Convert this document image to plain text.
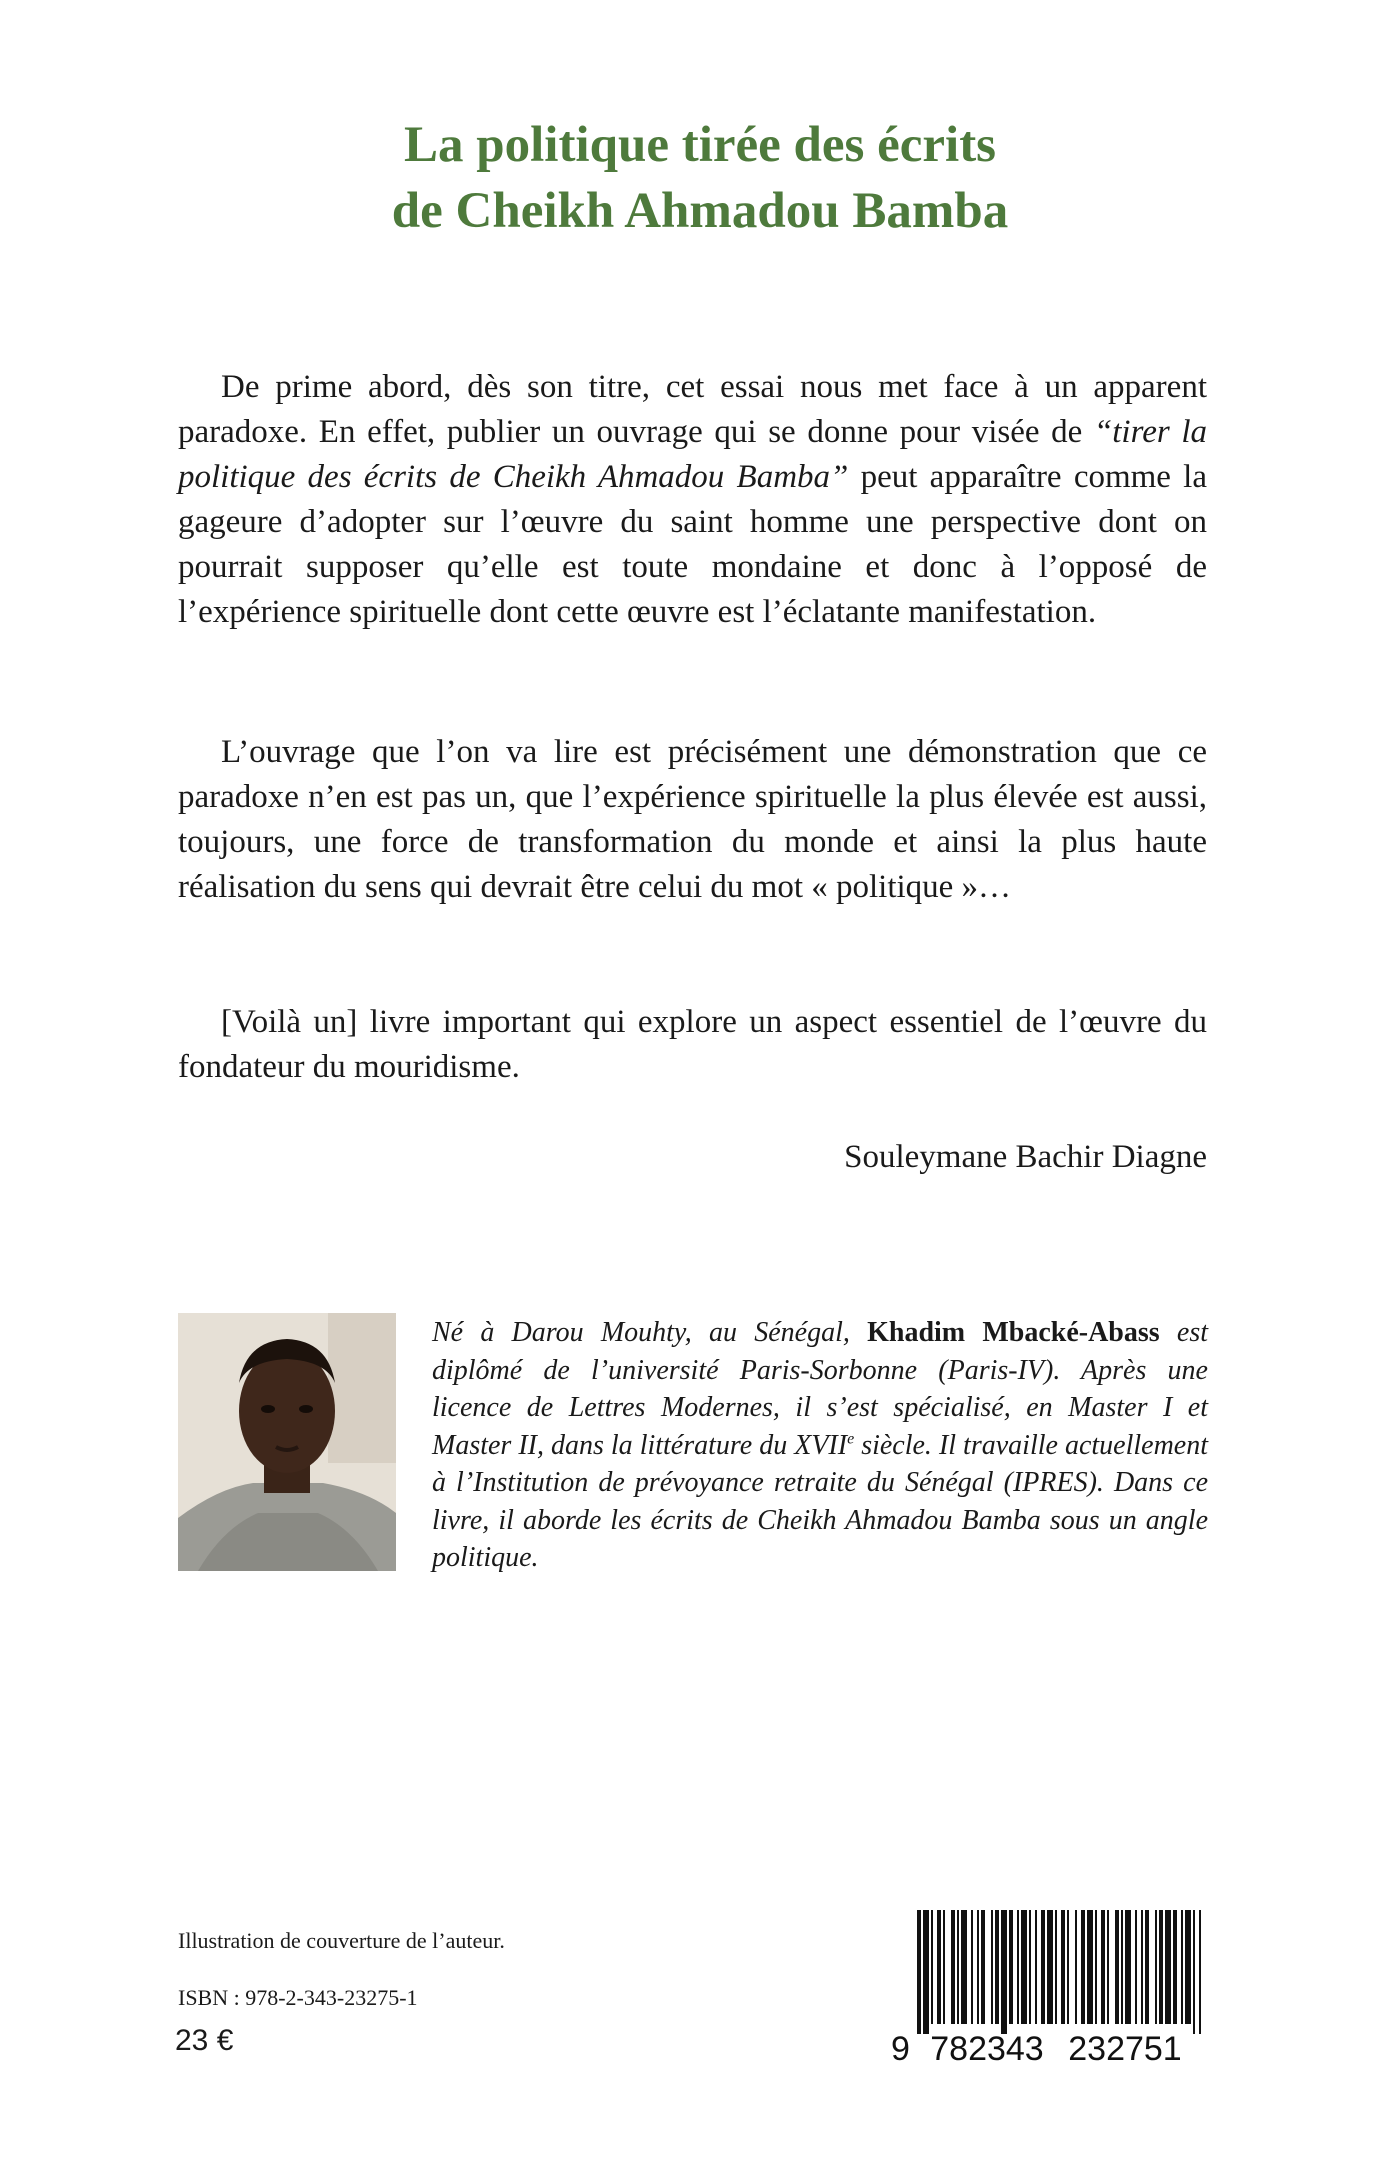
La politique tirée des écrits
de Cheikh Ahmadou Bamba

De prime abord, dès son titre, cet essai nous met face à un apparent paradoxe. En effet, publier un ouvrage qui se donne pour visée de “tirer la politique des écrits de Cheikh Ahmadou Bamba” peut apparaître comme la gageure d’adopter sur l’œuvre du saint homme une perspective dont on pourrait supposer qu’elle est toute mondaine et donc à l’opposé de l’expérience spirituelle dont cette œuvre est l’éclatante manifestation.

L’ouvrage que l’on va lire est précisément une démonstration que ce paradoxe n’en est pas un, que l’expérience spirituelle la plus élevée est aussi, toujours, une force de transformation du monde et ainsi la plus haute réalisation du sens qui devrait être celui du mot « politique »…

[Voilà un] livre important qui explore un aspect essentiel de l’œuvre du fondateur du mouridisme.

Souleymane Bachir Diagne
Né à Darou Mouhty, au Sénégal, Khadim Mbacké-Abass est diplômé de l’université Paris-Sorbonne (Paris-IV). Après une licence de Lettres Modernes, il s’est spécialisé, en Master I et Master II, dans la littérature du XVIIe siècle. Il travaille actuellement à l’Institution de prévoyance retraite du Sénégal (IPRES). Dans ce livre, il aborde les écrits de Cheikh Ahmadou Bamba sous un angle politique.
Illustration de couverture de l’auteur.
ISBN : 978-2-343-23275-1
23 €	9 782343 232751
